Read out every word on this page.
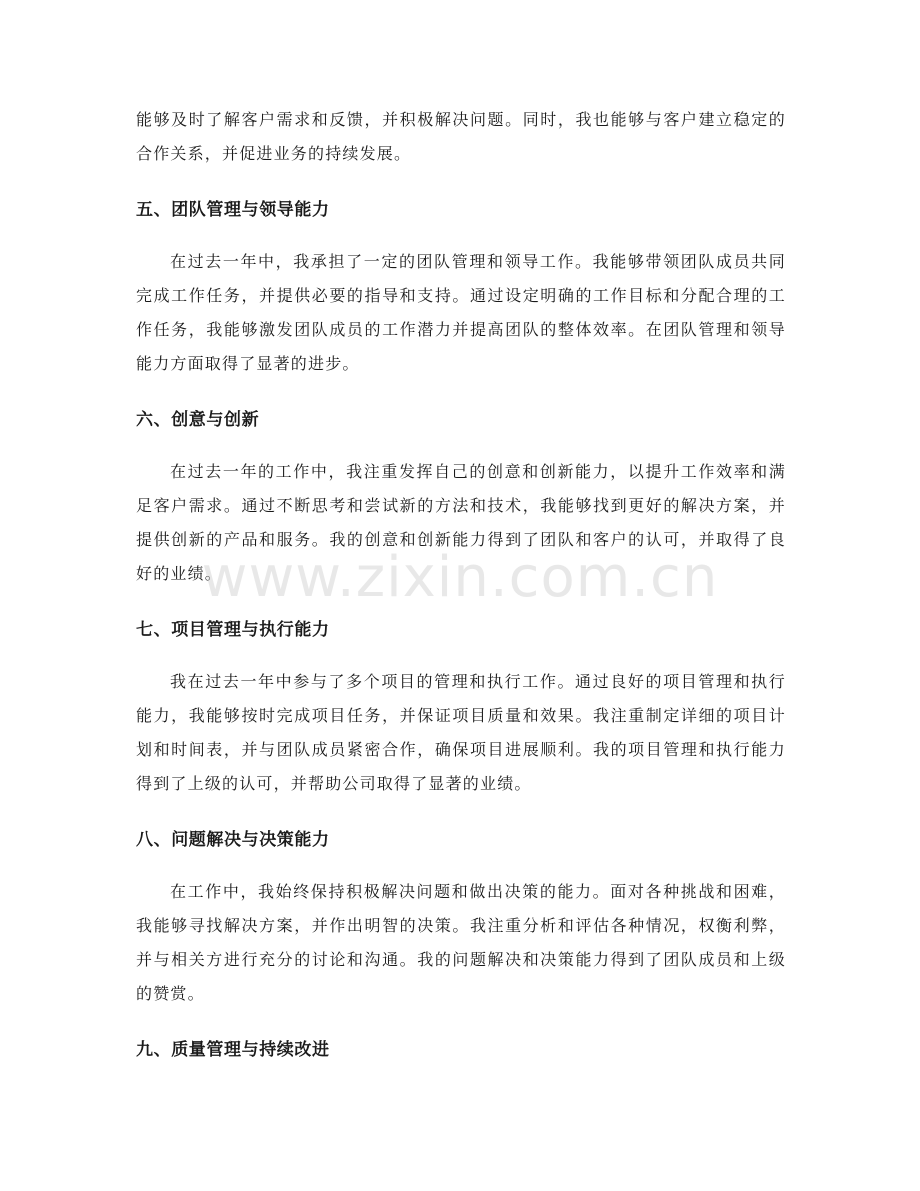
能够及时了解客户需求和反馈，并积极解决问题。同时，我也能够与客户建立稳定的合作关系，并促进业务的持续发展。

五、团队管理与领导能力

在过去一年中，我承担了一定的团队管理和领导工作。我能够带领团队成员共同完成工作任务，并提供必要的指导和支持。通过设定明确的工作目标和分配合理的工作任务，我能够激发团队成员的工作潜力并提高团队的整体效率。在团队管理和领导能力方面取得了显著的进步。

六、创意与创新

在过去一年的工作中，我注重发挥自己的创意和创新能力，以提升工作效率和满足客户需求。通过不断思考和尝试新的方法和技术，我能够找到更好的解决方案，并提供创新的产品和服务。我的创意和创新能力得到了团队和客户的认可，并取得了良好的业绩。

七、项目管理与执行能力

我在过去一年中参与了多个项目的管理和执行工作。通过良好的项目管理和执行能力，我能够按时完成项目任务，并保证项目质量和效果。我注重制定详细的项目计划和时间表，并与团队成员紧密合作，确保项目进展顺利。我的项目管理和执行能力得到了上级的认可，并帮助公司取得了显著的业绩。

八、问题解决与决策能力

在工作中，我始终保持积极解决问题和做出决策的能力。面对各种挑战和困难，我能够寻找解决方案，并作出明智的决策。我注重分析和评估各种情况，权衡利弊，并与相关方进行充分的讨论和沟通。我的问题解决和决策能力得到了团队成员和上级的赞赏。

九、质量管理与持续改进
www.zixin.com.cn
